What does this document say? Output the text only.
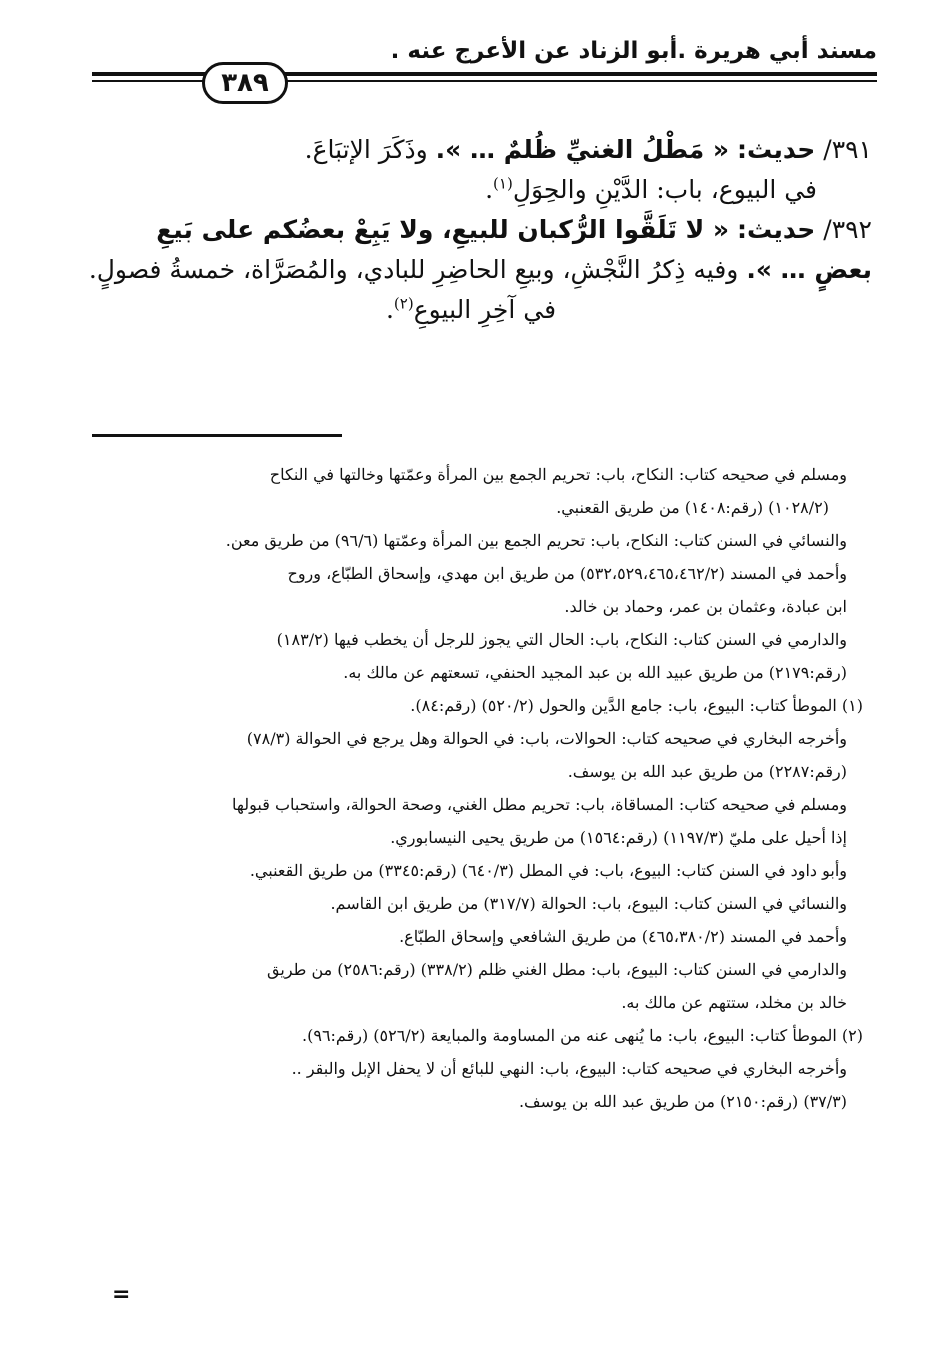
مسند أبي هريرة .أبو الزناد عن الأعرج عنه .
٣٨٩
٣٩١/ حديث: « مَطْلُ الغنيِّ ظُلمٌ … ». وذَكَرَ الإتبَاعَ.
في البيوع، باب: الدَّيْنِ والحِوَلِ$^{(١)}$.
٣٩٢/ حديث: « لا تَلَقَّوا الرُّكبان للبيعِ، ولا يَبِعْ بعضُكم على بَيعِ
بعضٍ … ». وفيه ذِكرُ النَّجْشِ، وبيعِ الحاضِرِ للبادي، والمُصَرَّاة، خمسةُ فصولٍ.
في آخِرِ البيوعِ$^{(٢)}$.
ومسلم في صحيحه كتاب: النكاح، باب: تحريم الجمع بين المرأة وعمّتها وخالتها في النكاح
(١٠٢٨/٢) (رقم:١٤٠٨) من طريق القعنبي.
والنسائي في السنن كتاب: النكاح، باب: تحريم الجمع بين المرأة وعمّتها (٩٦/٦) من طريق معن.
وأحمد في المسند (٥٣٢،٥٢٩،٤٦٥،٤٦٢/٢) من طريق ابن مهدي، وإسحاق الطبّاع، وروح
ابن عبادة، وعثمان بن عمر، وحماد بن خالد.
والدارمي في السنن كتاب: النكاح، باب: الحال التي يجوز للرجل أن يخطب فيها (١٨٣/٢)
(رقم:٢١٧٩) من طريق عبيد الله بن عبد المجيد الحنفي، تسعتهم عن مالك به.
(١) الموطأ كتاب: البيوع، باب: جامع الدَّين والحول (٥٢٠/٢) (رقم:٨٤).
وأخرجه البخاري في صحيحه كتاب: الحوالات، باب: في الحوالة وهل يرجع في الحوالة (٧٨/٣)
(رقم:٢٢٨٧) من طريق عبد الله بن يوسف.
ومسلم في صحيحه كتاب: المساقاة، باب: تحريم مطل الغني، وصحة الحوالة، واستحباب قبولها
إذا أحيل على مليّ (١١٩٧/٣) (رقم:١٥٦٤) من طريق يحيى النيسابوري.
وأبو داود في السنن كتاب: البيوع، باب: في المطل (٦٤٠/٣) (رقم:٣٣٤٥) من طريق القعنبي.
والنسائي في السنن كتاب: البيوع، باب: الحوالة (٣١٧/٧) من طريق ابن القاسم.
وأحمد في المسند (٤٦٥،٣٨٠/٢) من طريق الشافعي وإسحاق الطبّاع.
والدارمي في السنن كتاب: البيوع، باب: مطل الغني ظلم (٣٣٨/٢) (رقم:٢٥٨٦) من طريق
خالد بن مخلد، ستتهم عن مالك به.
(٢) الموطأ كتاب: البيوع، باب: ما يُنهى عنه من المساومة والمبايعة (٥٢٦/٢) (رقم:٩٦).
وأخرجه البخاري في صحيحه كتاب: البيوع، باب: النهي للبائع أن لا يحفل الإبل والبقر ..
(٣٧/٣) (رقم:٢١٥٠) من طريق عبد الله بن يوسف.
=
